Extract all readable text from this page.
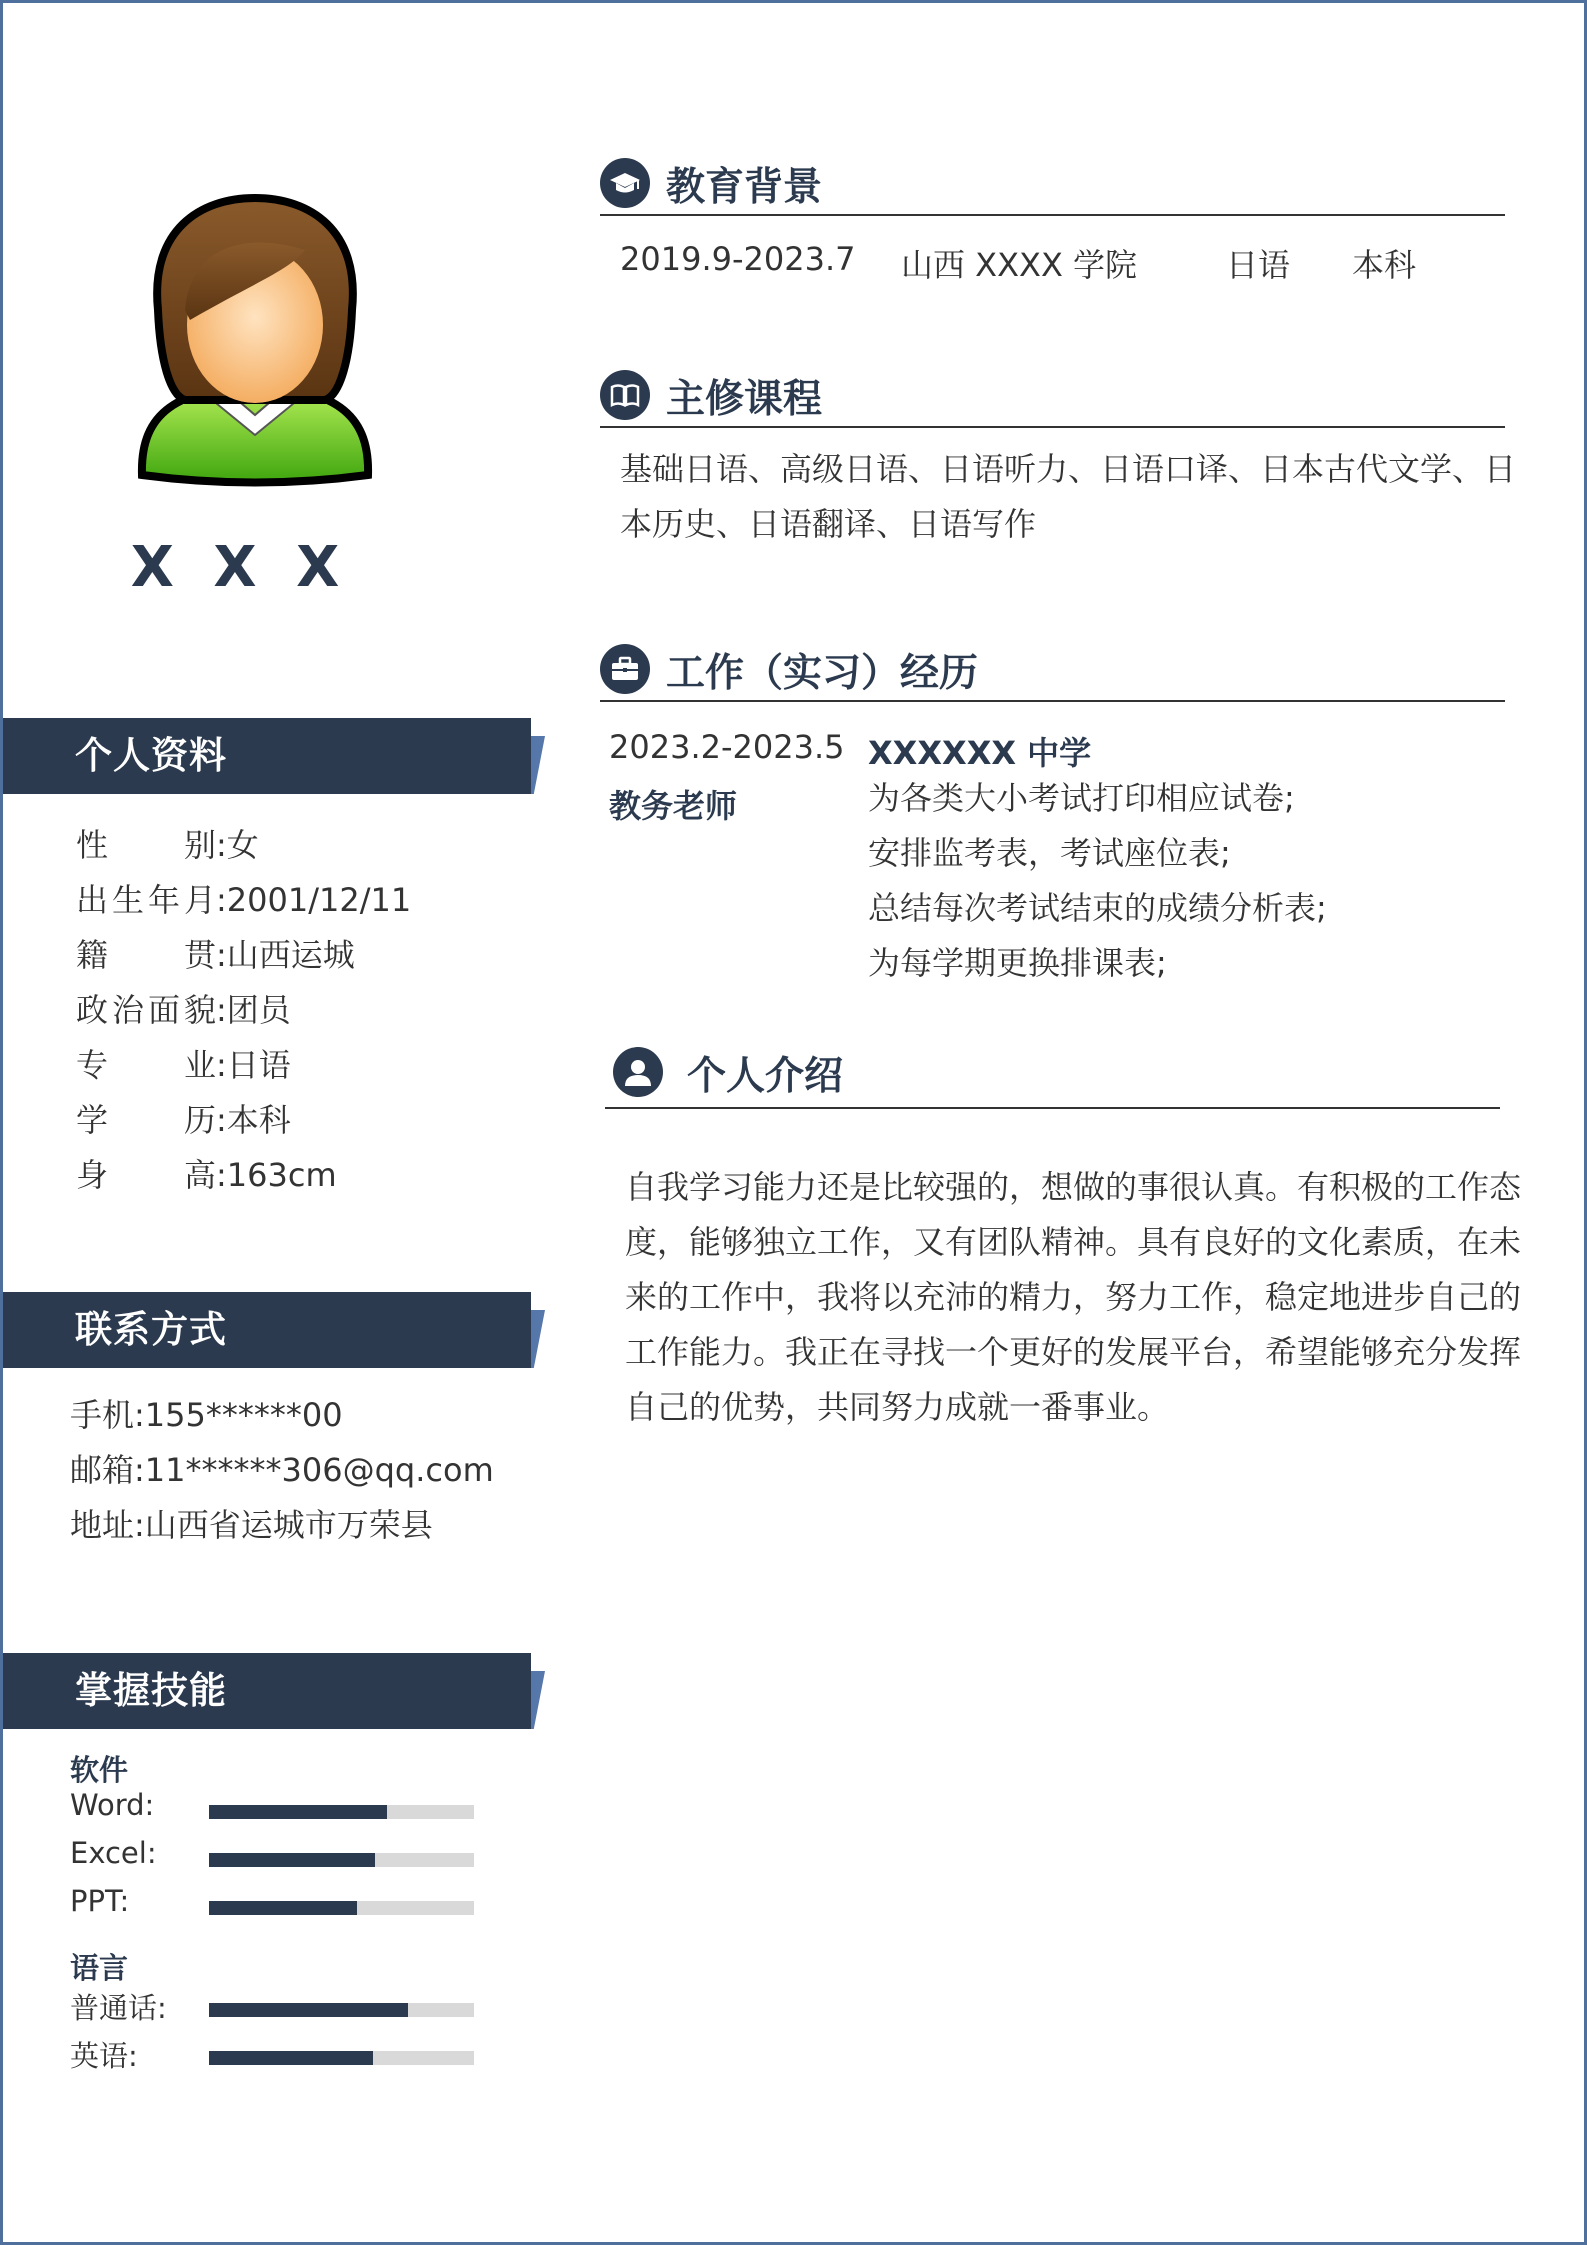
X X X
个人资料
性别:女
出生年月:2001/12/11
籍贯:山西运城
政治面貌:团员
专业:日语
学历:本科
身高:163cm
联系方式
手机:155******00
邮箱:11******306@qq.com
地址:山西省运城市万荣县
掌握技能
软件
Word:
Excel:
PPT:
语言
普通话:
英语:
教育背景
2019.9-2023.7 山西 XXXX 学院	日语 本科
主修课程
基础日语、高级日语、日语听力、日语口译、日本古代文学、日本历史、日语翻译、日语写作
工作（实习）经历
2023.2-2023.5 XXXXXX 中学
教务老师	为各类大小考试打印相应试卷;
安排监考表，考试座位表;
总结每次考试结束的成绩分析表;
为每学期更换排课表;
个人介绍
自我学习能力还是比较强的，想做的事很认真。有积极的工作态度，能够独立工作，又有团队精神。具有良好的文化素质，在未来的工作中，我将以充沛的精力，努力工作，稳定地进步自己的工作能力。我正在寻找一个更好的发展平台，希望能够充分发挥自己的优势，共同努力成就一番事业。
